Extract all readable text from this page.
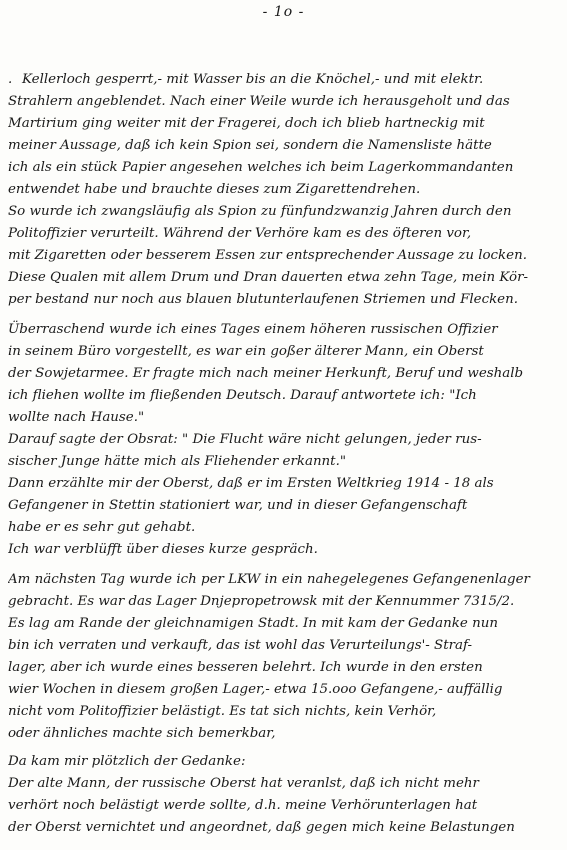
- 1o -
. Kellerloch gesperrt,- mit Wasser bis an die Knöchel,- und mit elektr.
Strahlern angeblendet. Nach einer Weile wurde ich herausgeholt und das
Martirium ging weiter mit der Fragerei, doch ich blieb hartneckig mit
meiner Aussage, daß ich kein Spion sei, sondern die Namensliste hätte
ich als ein stück Papier angesehen welches ich beim Lagerkommandanten
entwendet habe und brauchte dieses zum Zigarettendrehen.
So wurde ich zwangsläufig als Spion zu fünfundzwanzig Jahren durch den
Politoffizier verurteilt. Während der Verhöre kam es des öfteren vor,
mit Zigaretten oder besserem Essen zur entsprechender Aussage zu locken.
Diese Qualen mit allem Drum und Dran dauerten etwa zehn Tage, mein Kör-
per bestand nur noch aus blauen blutunterlaufenen Striemen und Flecken.
Überraschend wurde ich eines Tages einem höheren russischen Offizier
in seinem Büro vorgestellt, es war ein goßer älterer Mann, ein Oberst
der Sowjetarmee. Er fragte mich nach meiner Herkunft, Beruf und weshalb
ich fliehen wollte im fließenden Deutsch. Darauf antwortete ich: "Ich
wollte nach Hause."
Darauf sagte der Obsrat: " Die Flucht wäre nicht gelungen, jeder rus-
sischer Junge hätte mich als Fliehender erkannt."
Dann erzählte mir der Oberst, daß er im Ersten Weltkrieg 1914 - 18 als
Gefangener in Stettin stationiert war, und in dieser Gefangenschaft
habe er es sehr gut gehabt.
Ich war verblüfft über dieses kurze gespräch.
Am nächsten Tag wurde ich per LKW in ein nahegelegenes Gefangenenlager
gebracht. Es war das Lager Dnjepropetrowsk mit der Kennummer 7315/2.
Es lag am Rande der gleichnamigen Stadt. In mit kam der Gedanke nun
bin ich verraten und verkauft, das ist wohl das Verurteilungs'- Straf-
lager, aber ich wurde eines besseren belehrt. Ich wurde in den ersten
wier Wochen in diesem großen Lager,- etwa 15.ooo Gefangene,- auffällig
nicht vom Politoffizier belästigt. Es tat sich nichts, kein Verhör,
oder ähnliches machte sich bemerkbar,
Da kam mir plötzlich der Gedanke:
Der alte Mann, der russische Oberst hat veranlst, daß ich nicht mehr
verhört noch belästigt werde sollte, d.h. meine Verhörunterlagen hat
der Oberst vernichtet und angeordnet, daß gegen mich keine Belastungen
